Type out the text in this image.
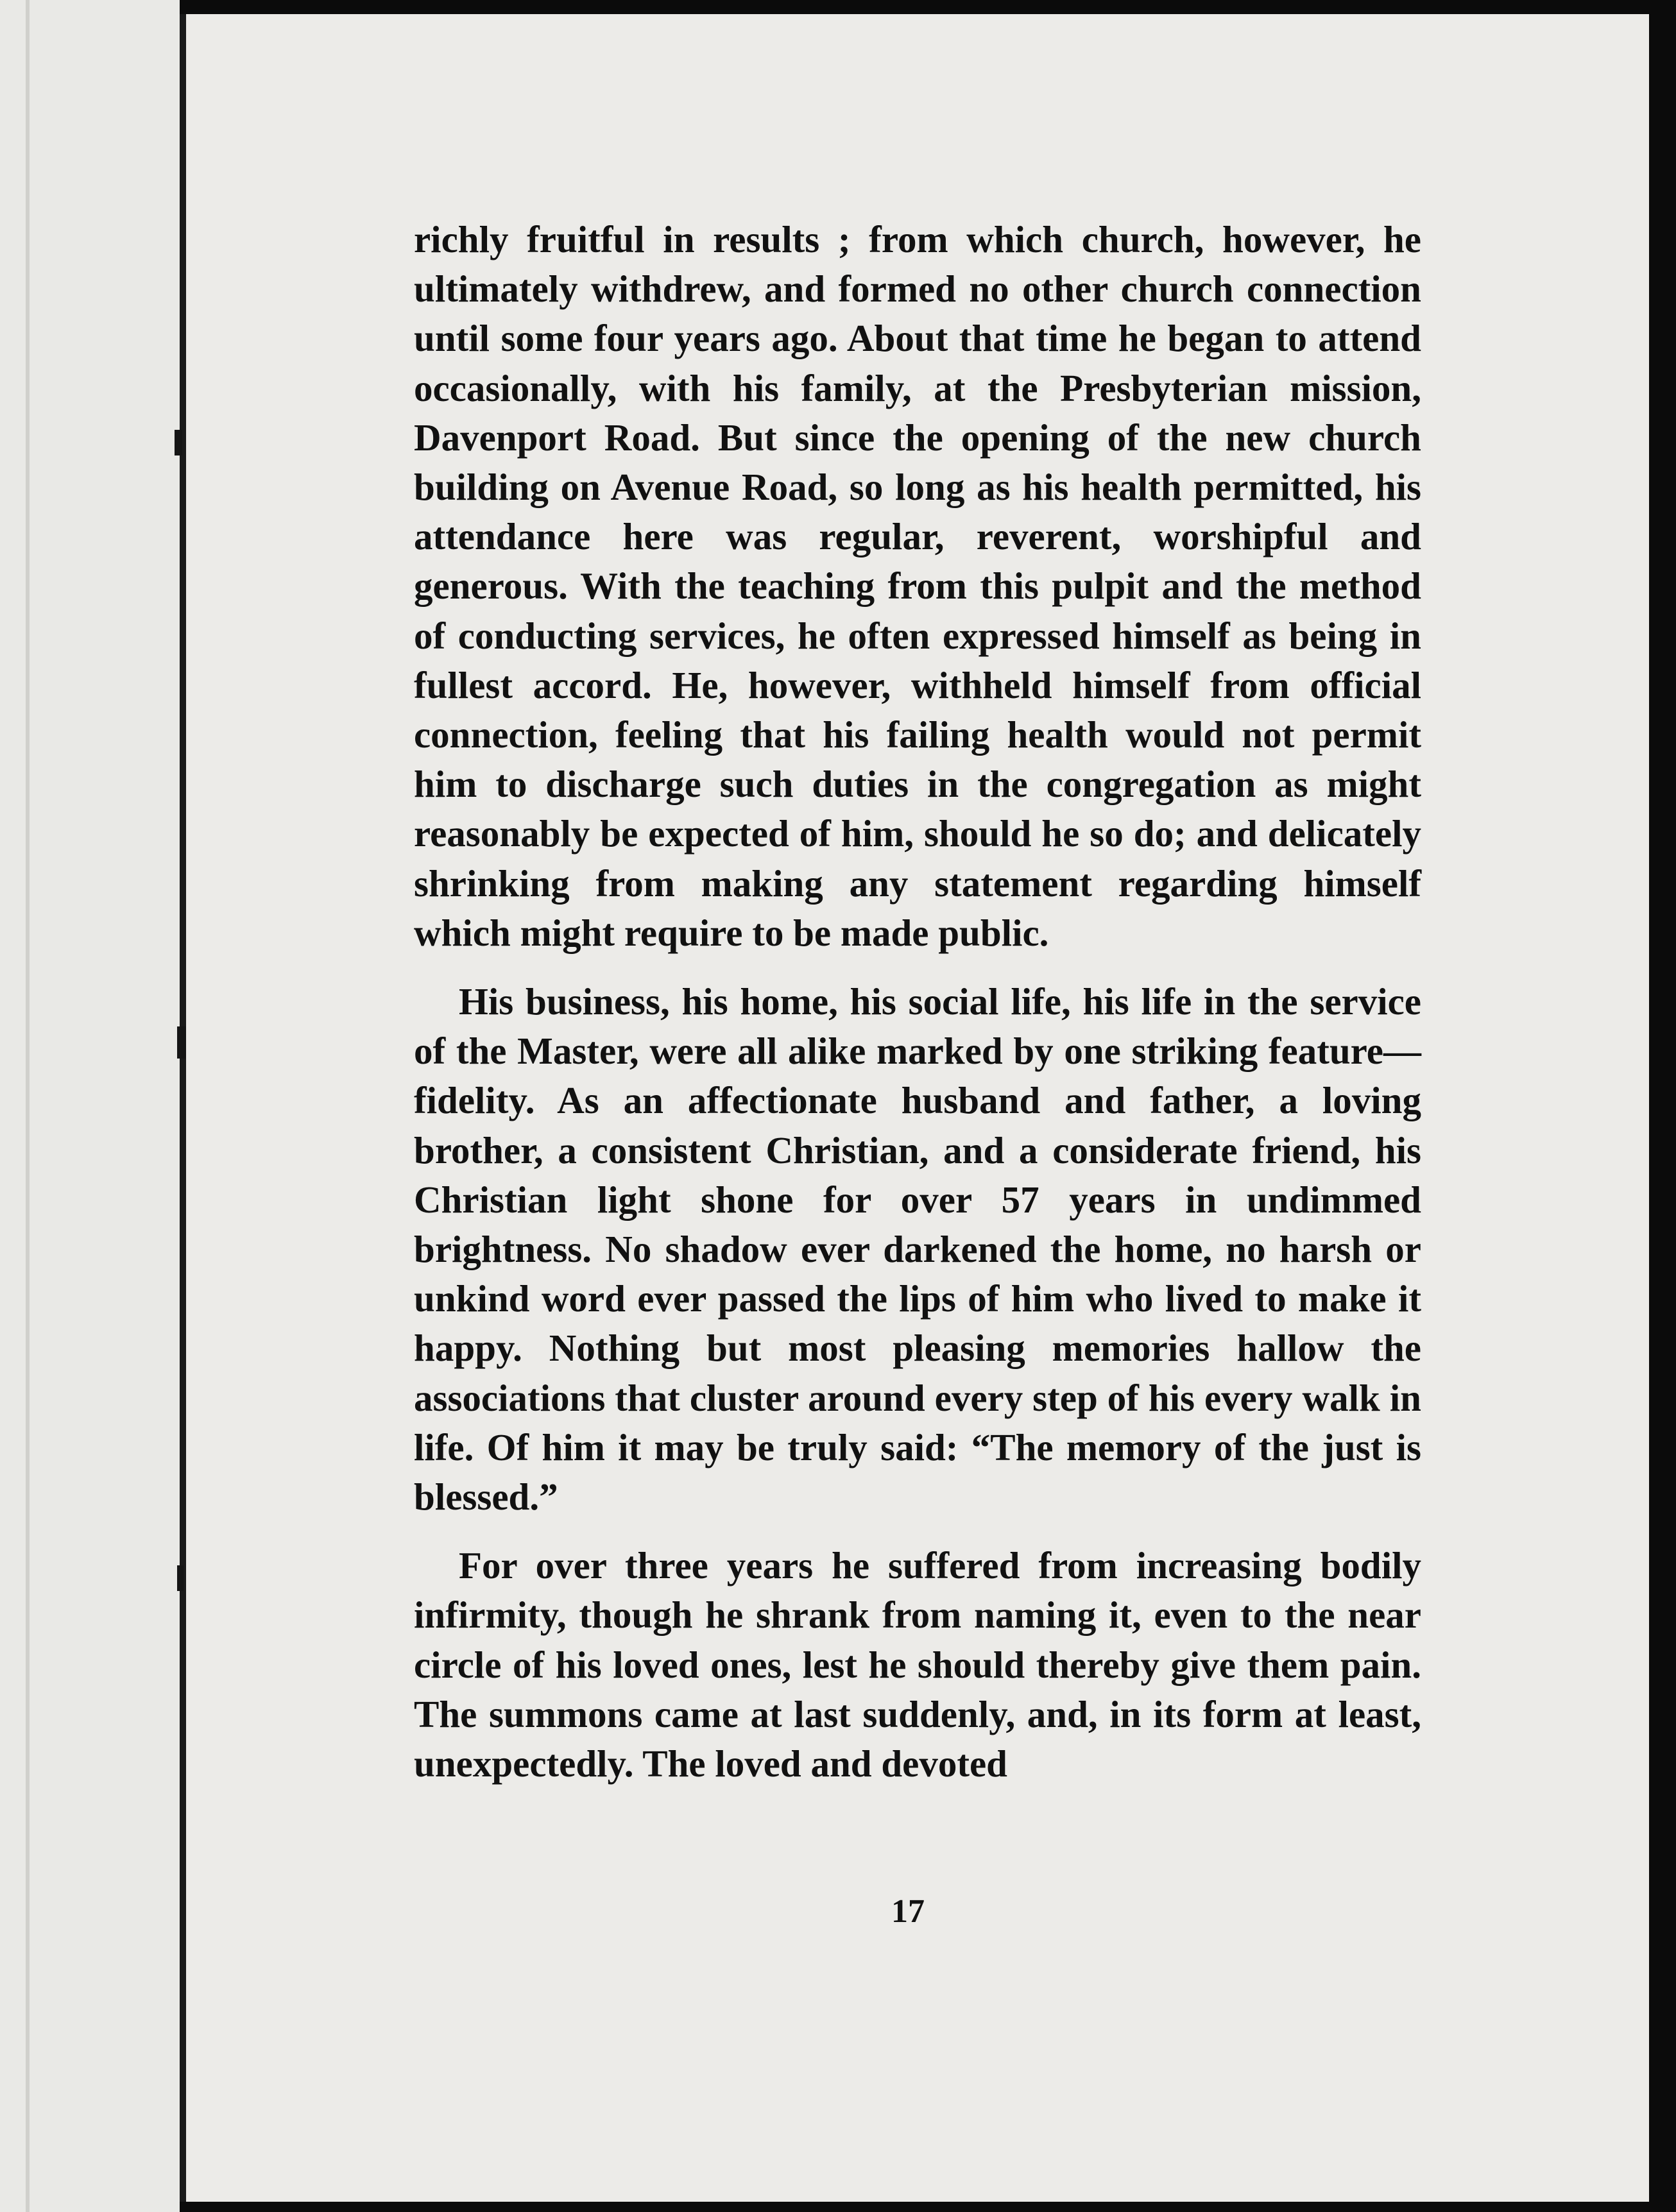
richly fruitful in results ; from which church, however, he ultimately withdrew, and formed no other church connection until some four years ago. About that time he began to attend occasionally, with his family, at the Presbyterian mission, Davenport Road. But since the opening of the new church building on Avenue Road, so long as his health permitted, his attendance here was regular, reverent, worshipful and generous. With the teaching from this pulpit and the method of conducting services, he often expressed himself as being in fullest accord. He, however, withheld himself from official connection, feeling that his failing health would not permit him to discharge such duties in the congregation as might reasonably be expected of him, should he so do; and delicately shrinking from making any statement regarding himself which might require to be made public.

His business, his home, his social life, his life in the service of the Master, were all alike marked by one striking feature—fidelity. As an affectionate husband and father, a loving brother, a consistent Christian, and a considerate friend, his Christian light shone for over 57 years in undimmed brightness. No shadow ever darkened the home, no harsh or unkind word ever passed the lips of him who lived to make it happy. Nothing but most pleasing memories hallow the associations that cluster around every step of his every walk in life. Of him it may be truly said: “The memory of the just is blessed.”

For over three years he suffered from increasing bodily infirmity, though he shrank from naming it, even to the near circle of his loved ones, lest he should thereby give them pain. The summons came at last suddenly, and, in its form at least, unexpectedly. The loved and devoted

17
